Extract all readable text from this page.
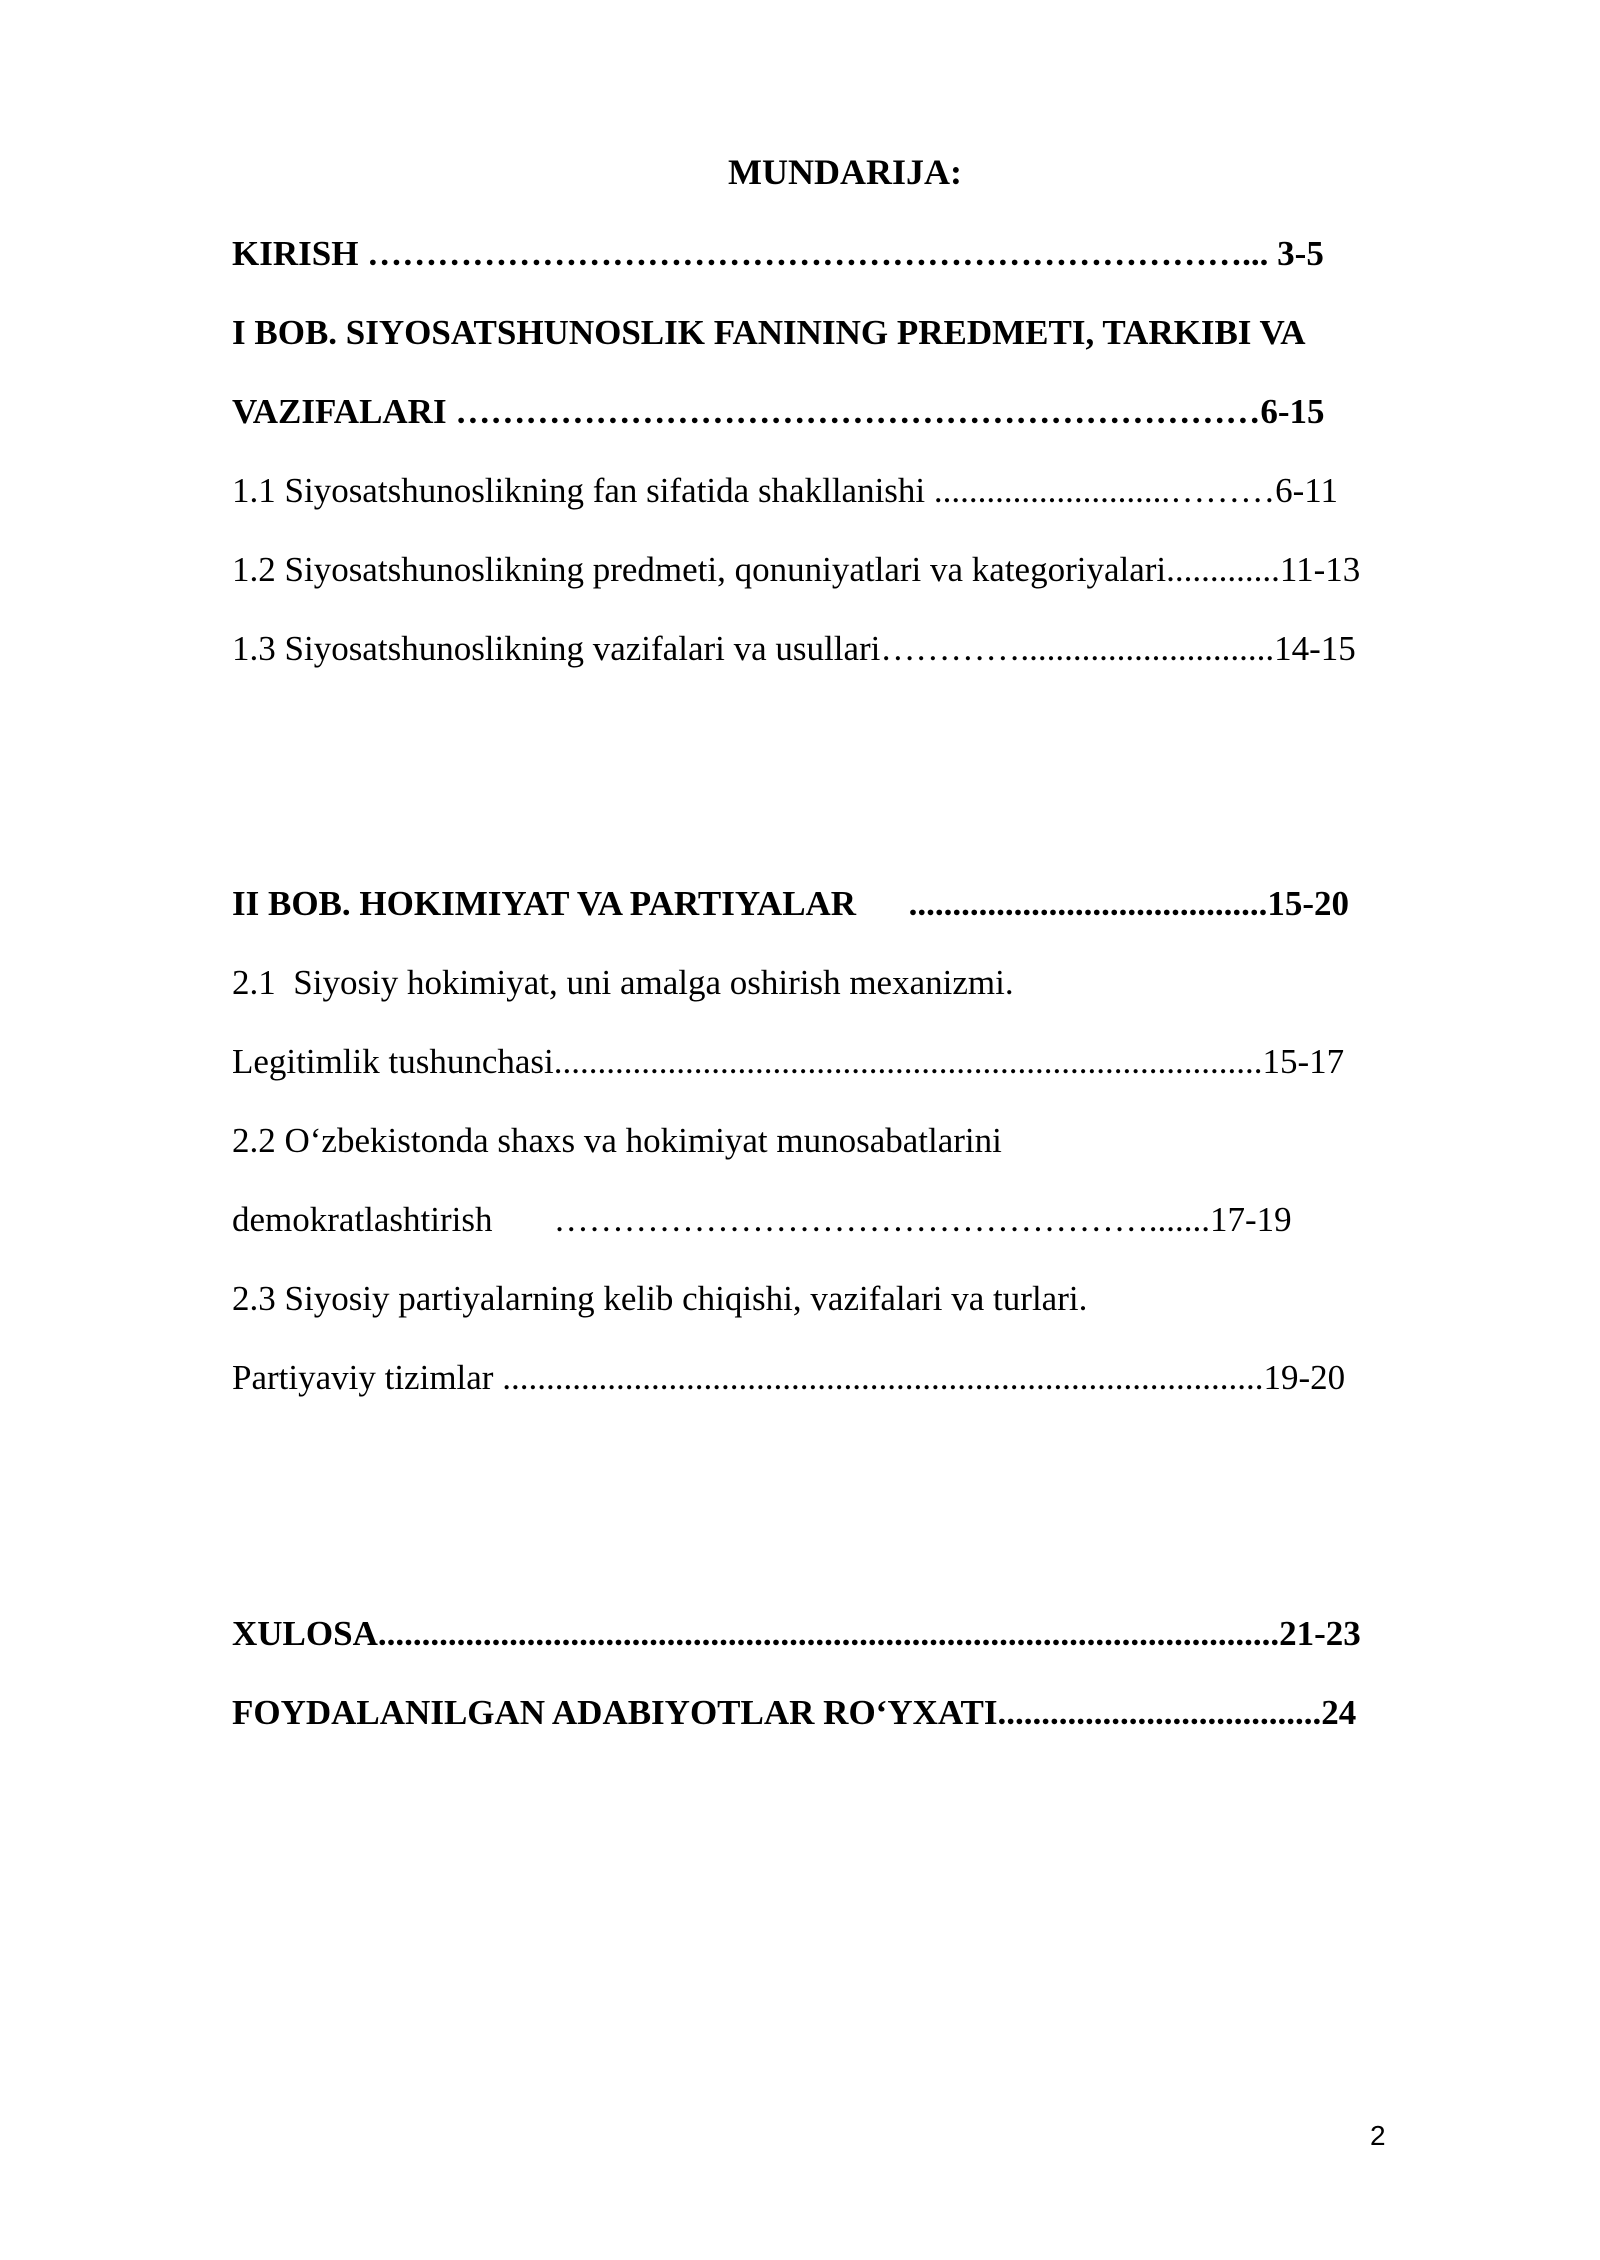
MUNDARIJA:
KIRISH …………………………………………………………………... 3-5
I BOB. SIYOSATSHUNOSLIK FANINING PREDMETI, TARKIBI VA
VAZIFALARI ……………………………………………………………6-15
1.1 Siyosatshunoslikning fan sifatida shakllanishi ...........................………6-11
1.2 Siyosatshunoslikning predmeti, qonuniyatlari va kategoriyalari.............11-13
1.3 Siyosatshunoslikning vazifalari va usullari………….............................14-15
II BOB. HOKIMIYAT VA PARTIYALAR      .........................................15-20
2.1  Siyosiy hokimiyat, uni amalga oshirish mexanizmi.
Legitimlik tushunchasi.................................................................................15-17
2.2 O‘zbekistonda shaxs va hokimiyat munosabatlarini
demokratlashtirish       …………………………………………….......17-19
2.3 Siyosiy partiyalarning kelib chiqishi, vazifalari va turlari.
Partiyaviy tizimlar .......................................................................................19-20
XULOSA.......................................................................................................21-23
FOYDALANILGAN ADABIYOTLAR RO‘YXATI.....................................24
2
